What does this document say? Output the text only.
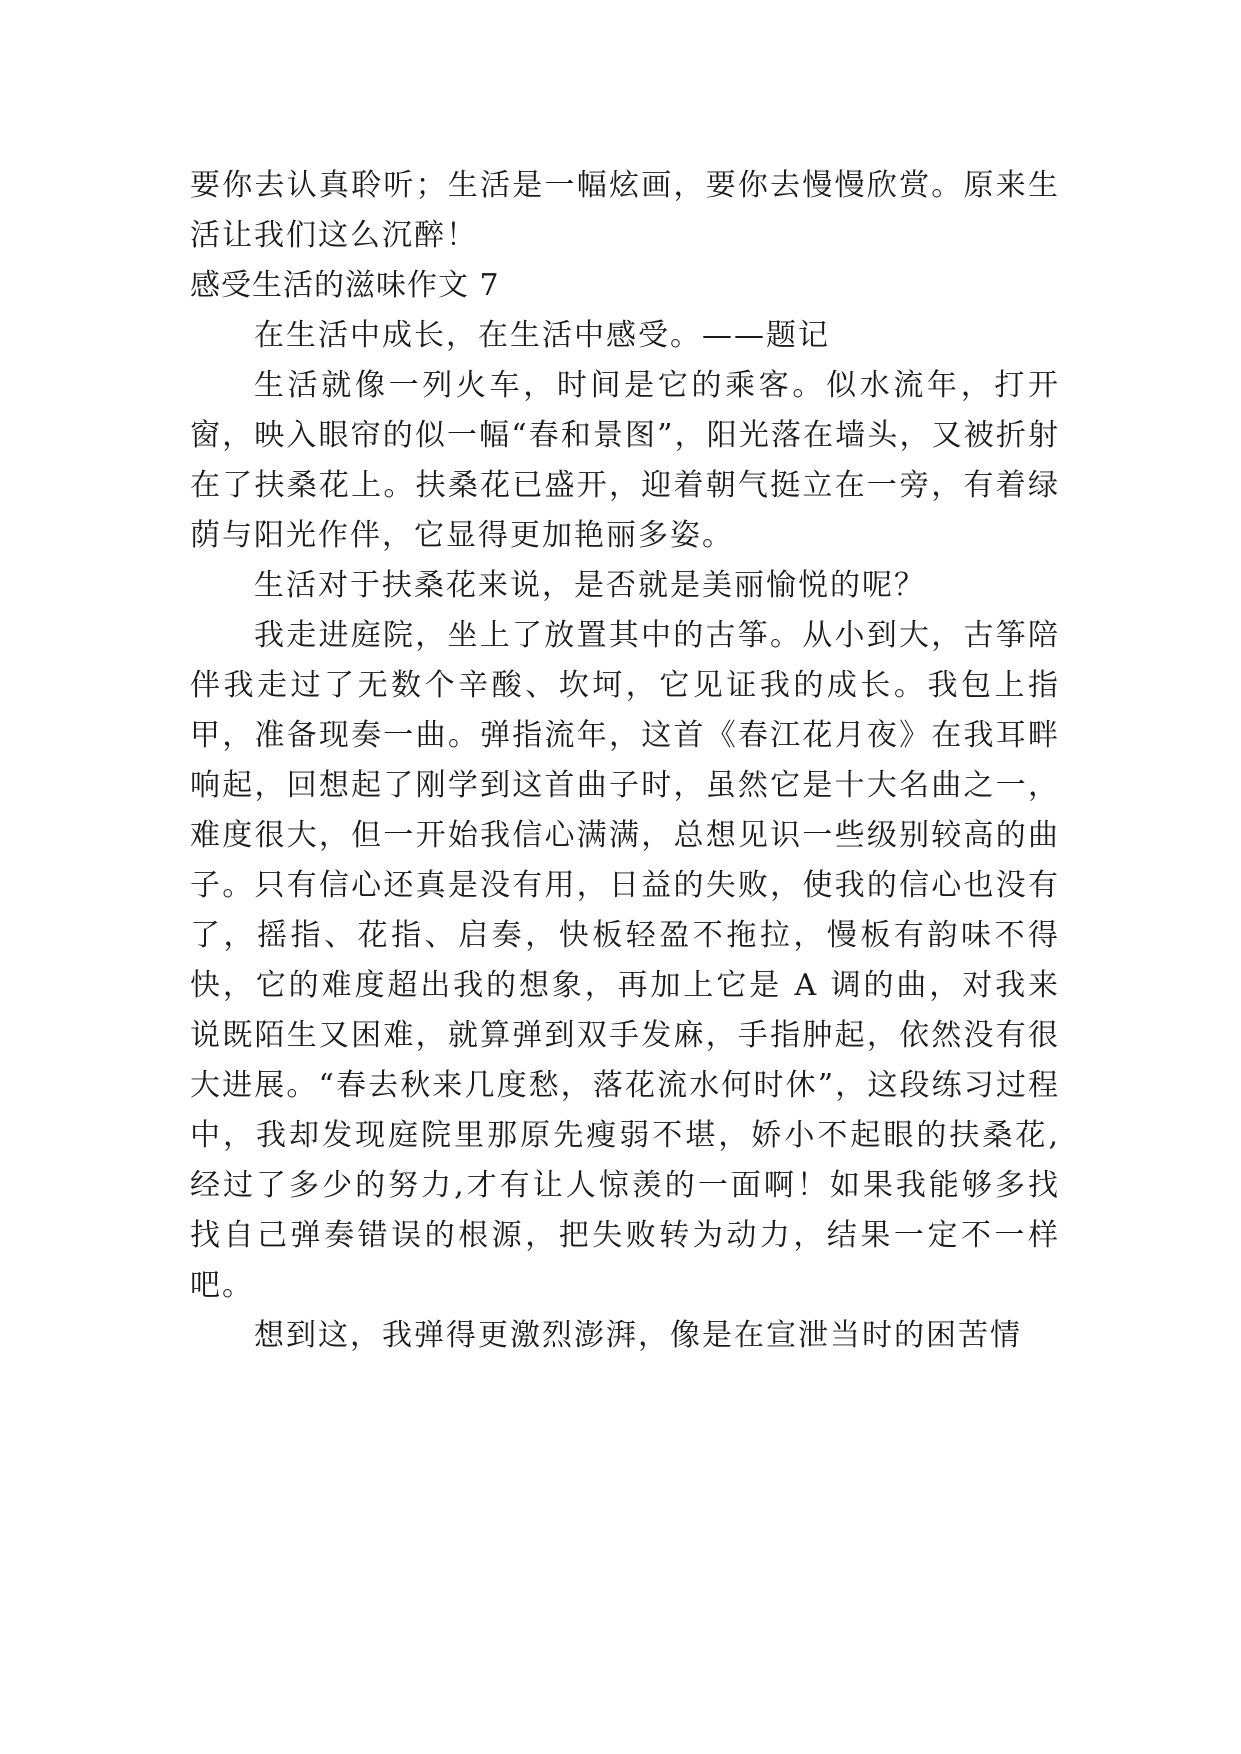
要你去认真聆听；生活是一幅炫画，要你去慢慢欣赏。原来生活让我们这么沉醉！

感受生活的滋味作文 7

在生活中成长，在生活中感受。——题记

生活就像一列火车，时间是它的乘客。似水流年，打开窗，映入眼帘的似一幅“春和景图”，阳光落在墙头，又被折射在了扶桑花上。扶桑花已盛开，迎着朝气挺立在一旁，有着绿荫与阳光作伴，它显得更加艳丽多姿。

生活对于扶桑花来说，是否就是美丽愉悦的呢？

我走进庭院，坐上了放置其中的古筝。从小到大，古筝陪伴我走过了无数个辛酸、坎坷，它见证我的成长。我包上指甲，准备现奏一曲。弹指流年，这首《春江花月夜》在我耳畔响起，回想起了刚学到这首曲子时，虽然它是十大名曲之一，难度很大，但一开始我信心满满，总想见识一些级别较高的曲子。只有信心还真是没有用，日益的失败，使我的信心也没有了，摇指、花指、启奏，快板轻盈不拖拉，慢板有韵味不得快，它的难度超出我的想象，再加上它是 A 调的曲，对我来说既陌生又困难，就算弹到双手发麻，手指肿起，依然没有很大进展。“春去秋来几度愁，落花流水何时休”，这段练习过程中，我却发现庭院里那原先瘦弱不堪，娇小不起眼的扶桑花,经过了多少的努力,才有让人惊羡的一面啊！如果我能够多找找自己弹奏错误的根源，把失败转为动力，结果一定不一样吧。

想到这，我弹得更激烈澎湃，像是在宣泄当时的困苦情
